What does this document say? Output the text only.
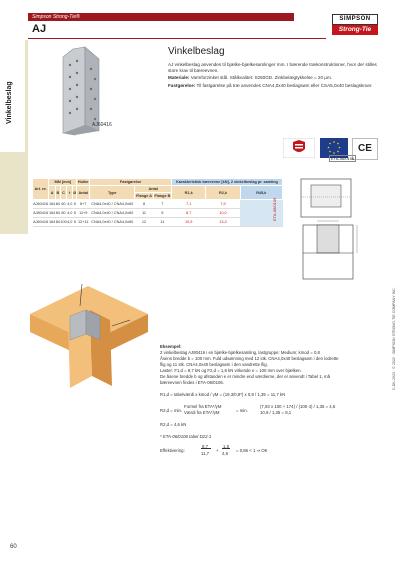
Simpson Strong-Tie®
AJ
SIMPSON
Strong-Tie
Vinkelbeslag
AJ60416
Vinkelbeslag
AJ vinkelbeslag anvendes til bjælke-bjælkesamlinger mm. I bærende trækonstruktioner, hvor der stilles store krav til bæreevnen.
Materiale: Varmforzinket stål. Stålkvalitet: S250GD. Zinkbelægtykkelse = 20 µm.
Fastgørelse: Til fastgørelse på træ anvendes CNA4,0x40 beslagsøm eller CSA5,0x40 beslagskruer.
CE
ETA-06/0106
Art. nr.	Mål [mm]					Huller	Fastgørelse			Karakteristisk bæreevne [kN], 2 vinkelbeslag pr. samling		
	A	B	C	t	Ø	Antal	Type	Antal		R1,k	R2,k	R45,k
								Flange A	Flange B			
AJ60416	164	84	60	4,0	5	8+7	CNA4,0x40 / CNA4,0x60	8	7	7,1	7,9	
AJ80416	164	84	80	4,0	5	11+9	CNA4,0x40 / CNA4,0x60	11	9	8,7	10,0	
AJ60416	164	84	100	4,0	5	12+11	CNA4,0x40 / CNA4,0x60	12	11	10,9	13,3	
ETA-06/0106
Eksempel:
2 vinkelbeslag AJ80416 i en bjælke-bjælkesamling, lastgruppe: Medium; kmod = 0,8
Åsens bredde b = 100 mm. Fuld udsømning med 12 stk. CNA4,0x40 beslagsøm i den lodrette
flig og 11 stk. CNA4,0x40 beslagsøm i den vandrette flig.
Laster: F1,d = 8,7 kN og F2,d = 1,8 kN virkende e = 100 mm over bjælken.
De åsene bredde b og afstanden e er mindre end værdierne, der er anvendt i Tabel 1, må
bæreevnen findes i ETA-06/0106.
R1,d = tabelværdi x kmod / γM = (19,3/0,8*) x 0,8 / 1,35 = 11,7 kN
R2,d = min.
Formel fra ETA*/γM
Værdi fra ETA*/γM	= min.
(7,93 x 100 + 174) / (100·4) / 1,35 = 4,6
10,9 / 1,35 = 8,1
R2,d = 4,6 kN
* ETA-06/0106 tabel D22-1
Effektivering:
8,7
11,7
+
1,8
4,6
= 0,86 < 1 ⇒ OK
C-DK-2023 · © 2022 · SIMPSON STRONG-TIE COMPANY INC.
60
